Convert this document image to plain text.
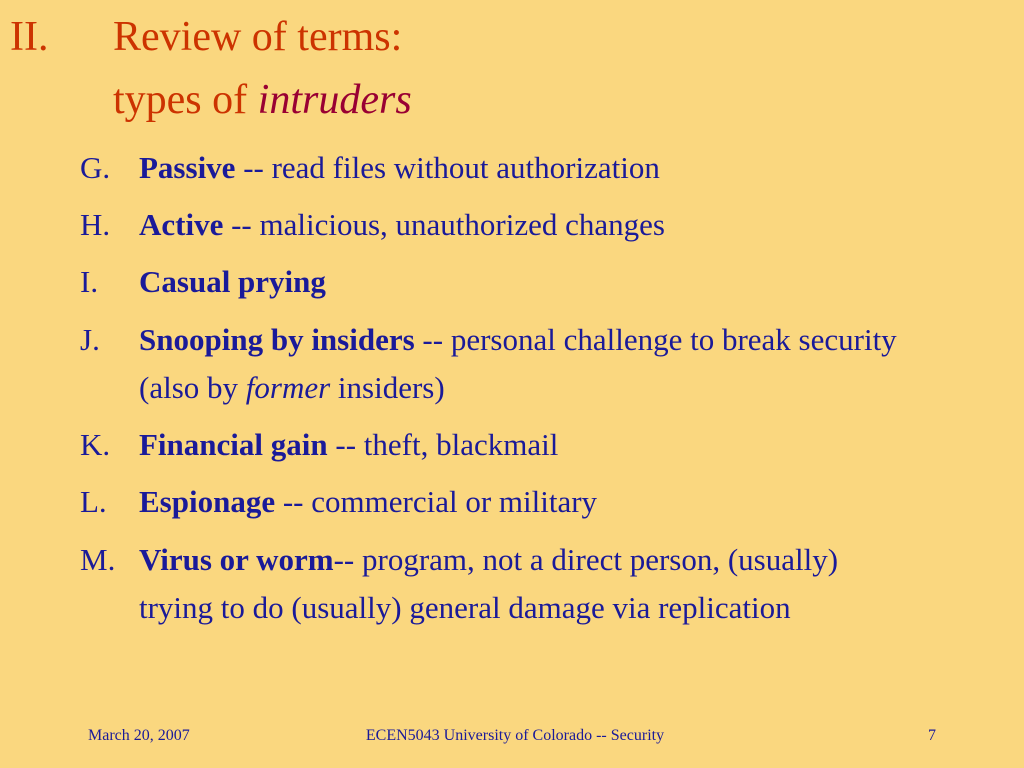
II. Review of terms:
types of intruders
G. Passive -- read files without authorization
H. Active -- malicious, unauthorized changes
I. Casual prying
J. Snooping by insiders -- personal challenge to break security (also by former insiders)
K. Financial gain -- theft, blackmail
L. Espionage -- commercial or military
M. Virus or worm-- program, not a direct person, (usually) trying to do (usually) general damage via replication
March 20, 2007	ECEN5043 University of Colorado -- Security	7
